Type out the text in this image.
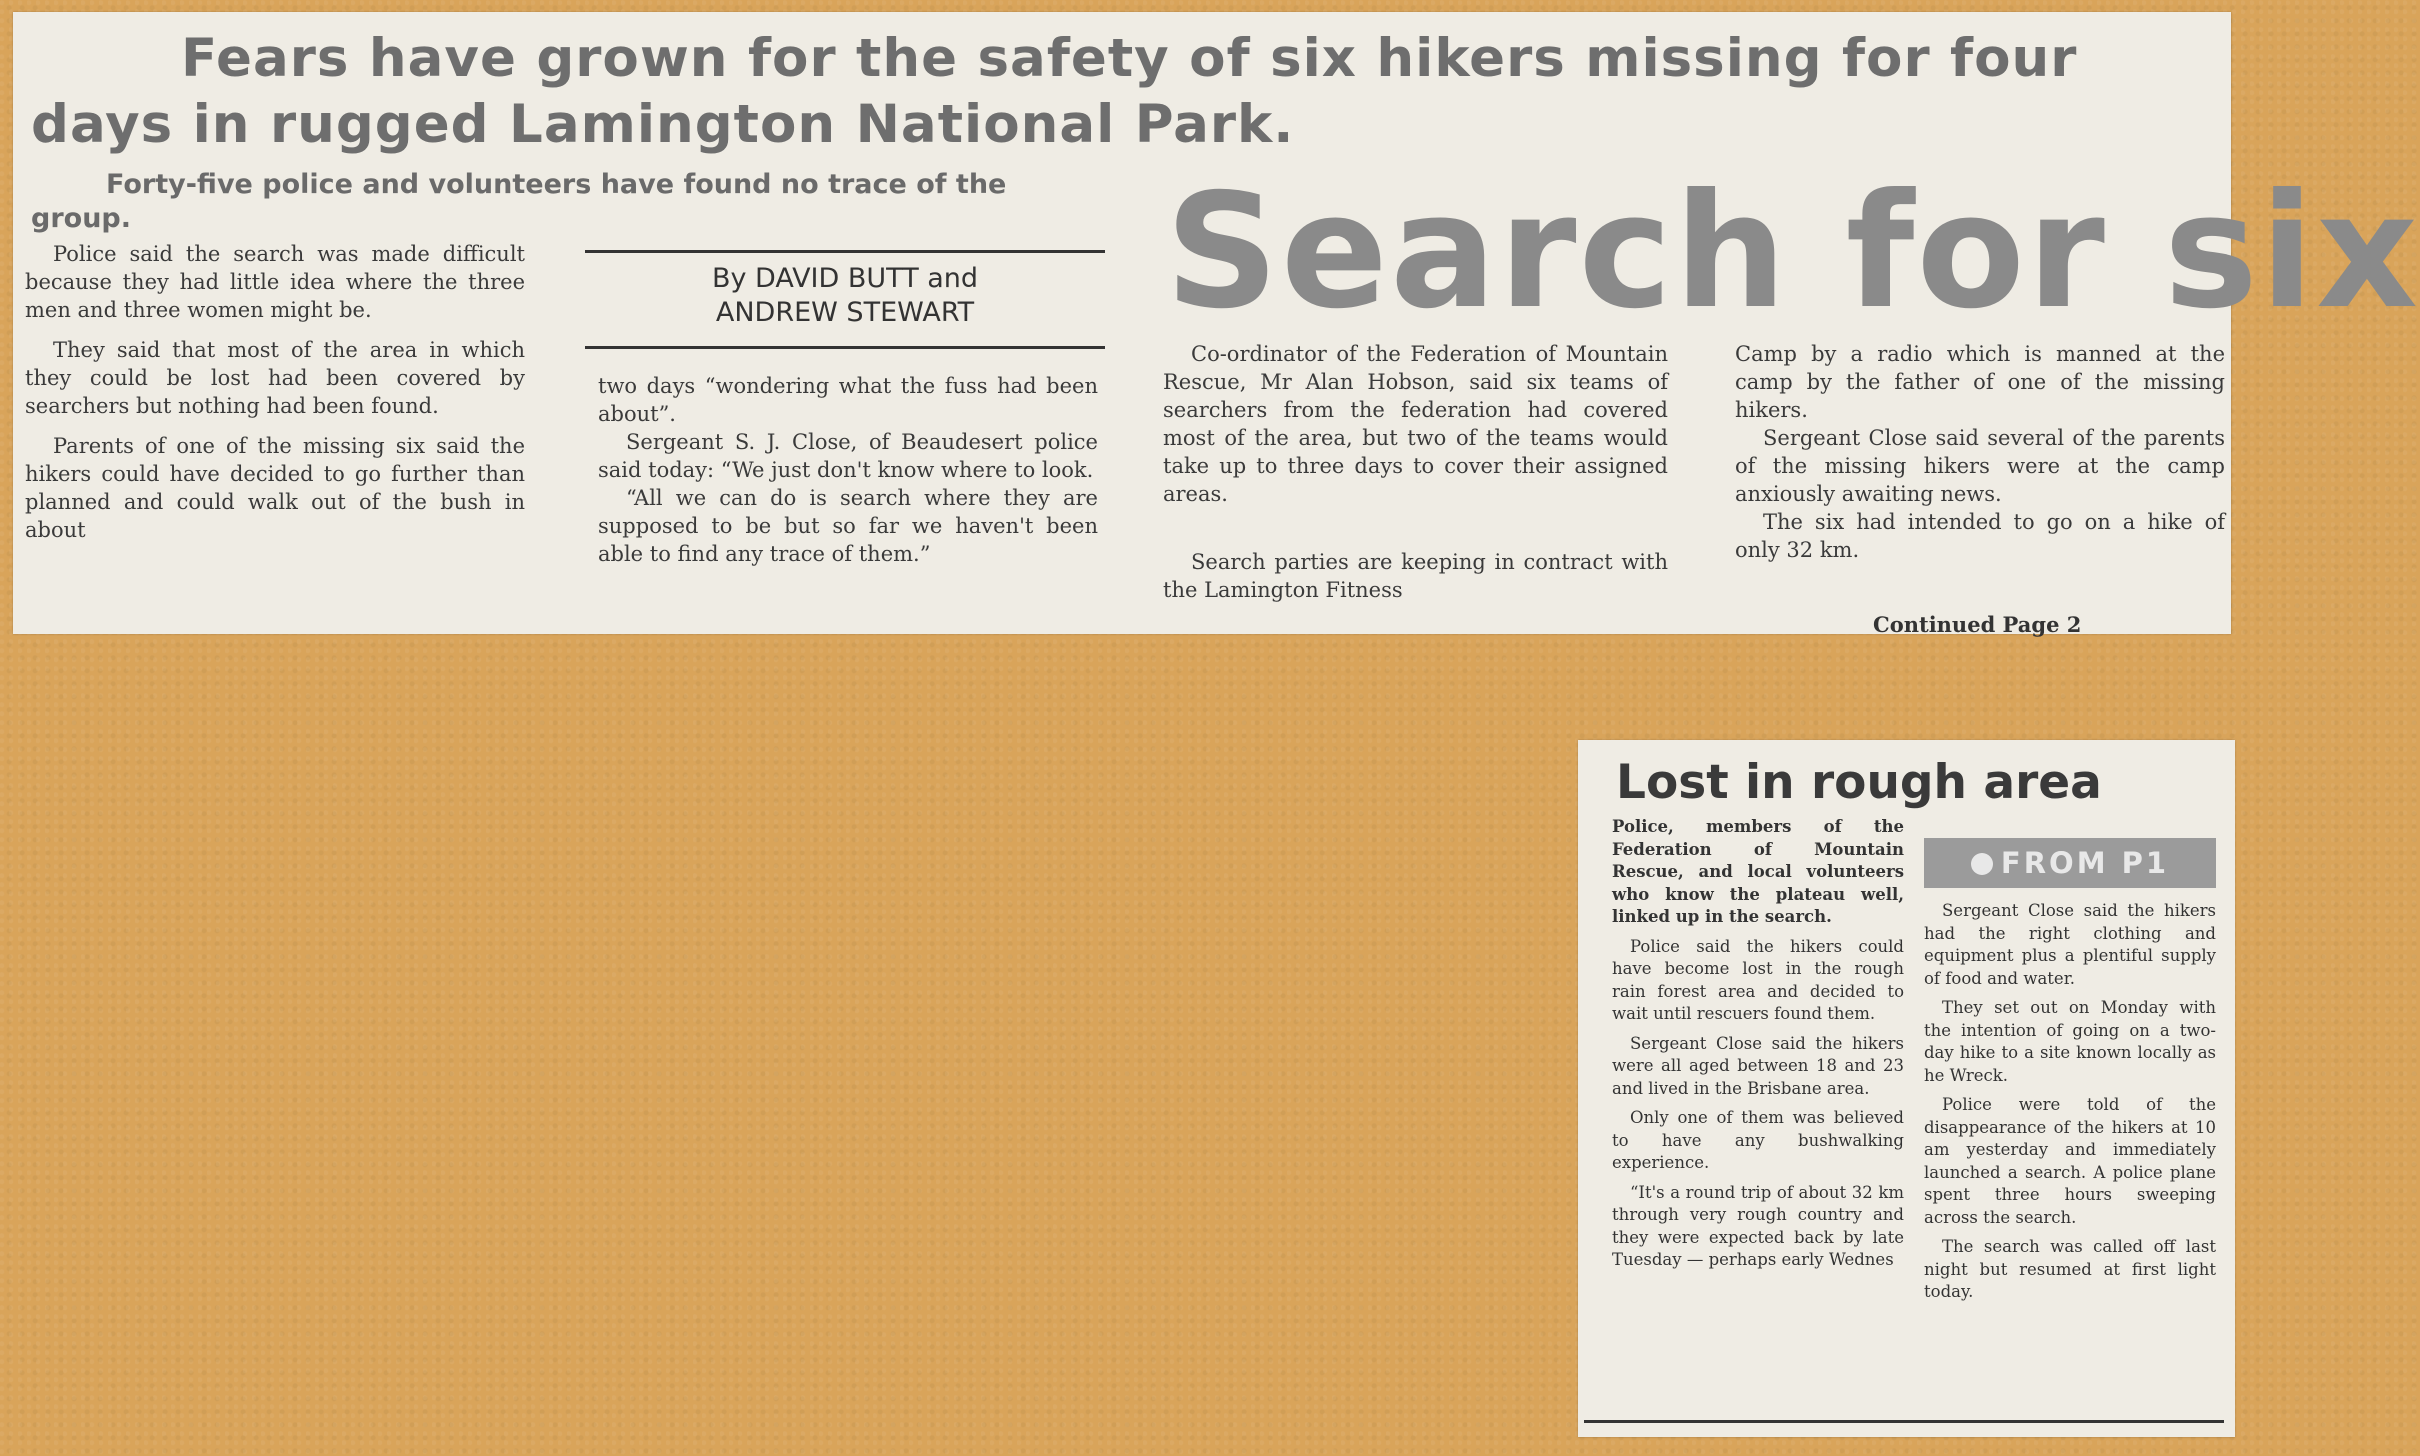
Fears have grown for the safety of six hikers missing for four days in rugged Lamington National Park.
Forty-five police and volunteers have found no trace of the group.

Police said the search was made difficult because they had little idea where the three men and three women might be.

They said that most of the area in which they could be lost had been covered by searchers but nothing had been found.

Parents of one of the missing six said the hikers could have decided to go further than planned and could walk out of the bush in about

By DAVID BUTT and
ANDREW STEWART

two days “wondering what the fuss had been about”.

Sergeant S. J. Close, of Beaudesert police said today: “We just don't know where to look.

“All we can do is search where they are supposed to be but so far we haven't been able to find any trace of them.”

Search for six

Co-ordinator of the Federation of Mountain Rescue, Mr Alan Hobson, said six teams of searchers from the federation had covered most of the area, but two of the teams would take up to three days to cover their assigned areas.

Search parties are keeping in contract with the Lamington Fitness

Camp by a radio which is manned at the camp by the father of one of the missing hikers.

Sergeant Close said several of the parents of the missing hikers were at the camp anxiously awaiting news.

The six had intended to go on a hike of only 32 km.

Continued Page 2
Lost in rough area

Police, members of the Federation of Mountain Rescue, and local volunteers who know the plateau well, linked up in the search.

Police said the hikers could have become lost in the rough rain forest area and decided to wait until rescuers found them.

Sergeant Close said the hikers were all aged between 18 and 23 and lived in the Brisbane area.

Only one of them was believed to have any bushwalking experience.

“It's a round trip of about 32 km through very rough country and they were expected back by late Tuesday — perhaps early Wednes

FROM P1

Sergeant Close said the hikers had the right clothing and equipment plus a plentiful supply of food and water.

They set out on Monday with the intention of going on a two-day hike to a site known locally as he Wreck.

Police were told of the disappearance of the hikers at 10 am yesterday and immediately launched a search. A police plane spent three hours sweeping across the search.

The search was called off last night but resumed at first light today.
